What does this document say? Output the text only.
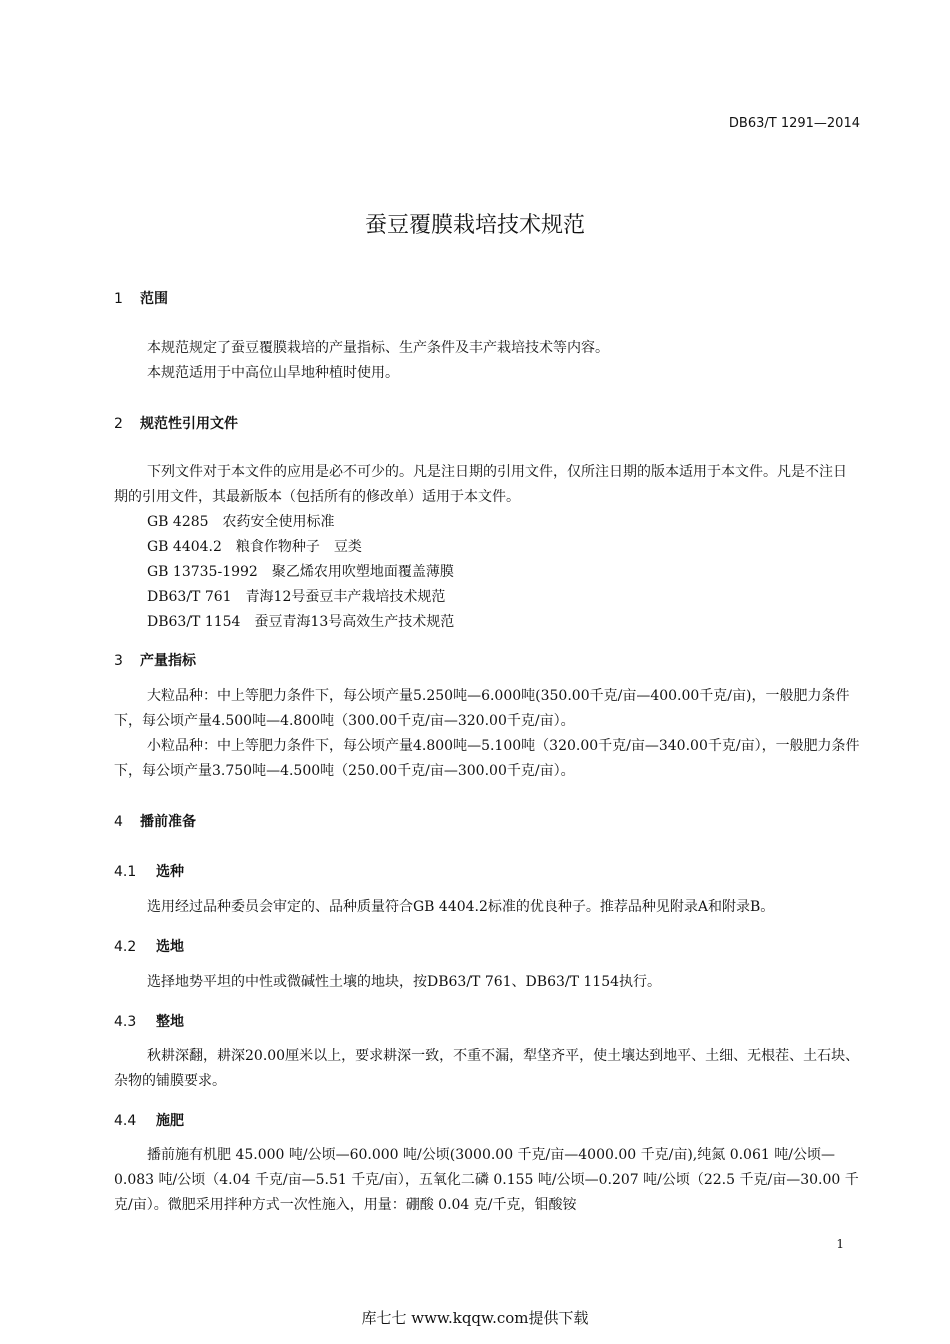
DB63/T 1291—2014
蚕豆覆膜栽培技术规范
1 范围
本规范规定了蚕豆覆膜栽培的产量指标、生产条件及丰产栽培技术等内容。
本规范适用于中高位山旱地种植时使用。
2 规范性引用文件
下列文件对于本文件的应用是必不可少的。凡是注日期的引用文件，仅所注日期的版本适用于本文件。凡是不注日期的引用文件，其最新版本（包括所有的修改单）适用于本文件。
GB 4285　农药安全使用标准
GB 4404.2　粮食作物种子　豆类
GB 13735-1992　聚乙烯农用吹塑地面覆盖薄膜
DB63/T 761　青海12号蚕豆丰产栽培技术规范
DB63/T 1154　蚕豆青海13号高效生产技术规范
3 产量指标
大粒品种：中上等肥力条件下，每公顷产量5.250吨—6.000吨(350.00千克/亩—400.00千克/亩)，一般肥力条件下，每公顷产量4.500吨—4.800吨（300.00千克/亩—320.00千克/亩）。
小粒品种：中上等肥力条件下，每公顷产量4.800吨—5.100吨（320.00千克/亩—340.00千克/亩），一般肥力条件下，每公顷产量3.750吨—4.500吨（250.00千克/亩—300.00千克/亩）。
4 播前准备
4.1 选种
选用经过品种委员会审定的、品种质量符合GB 4404.2标准的优良种子。推荐品种见附录A和附录B。
4.2 选地
选择地势平坦的中性或微碱性土壤的地块，按DB63/T 761、DB63/T 1154执行。
4.3 整地
秋耕深翻，耕深20.00厘米以上，要求耕深一致，不重不漏，犁垡齐平，使土壤达到地平、土细、无根茬、土石块、杂物的铺膜要求。
4.4 施肥
播前施有机肥 45.000 吨/公顷—60.000 吨/公顷(3000.00 千克/亩—4000.00 千克/亩),纯氮 0.061 吨/公顷—0.083 吨/公顷（4.04 千克/亩—5.51 千克/亩），五氧化二磷 0.155 吨/公顷—0.207 吨/公顷（22.5 千克/亩—30.00 千克/亩）。微肥采用拌种方式一次性施入，用量：硼酸 0.04 克/千克，钼酸铵
1
库七七 www.kqqw.com提供下载
